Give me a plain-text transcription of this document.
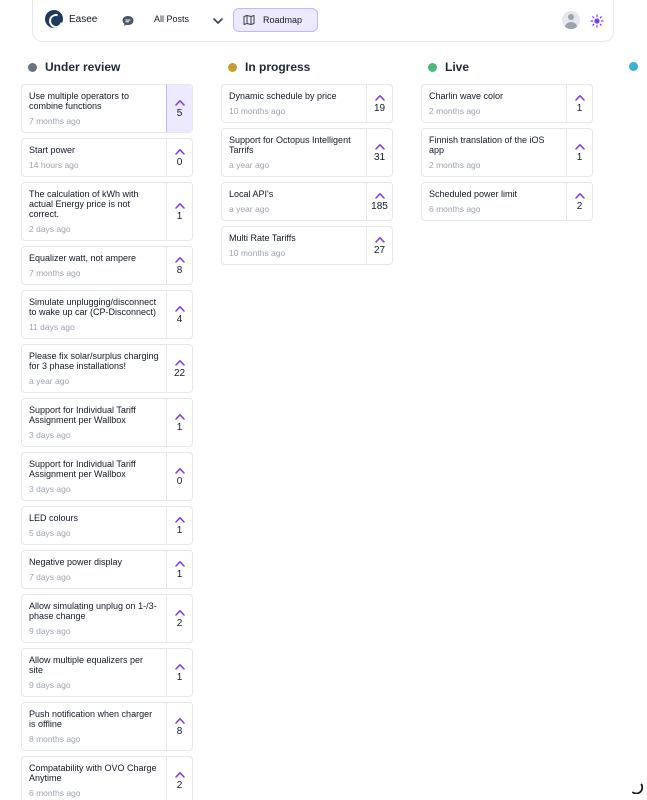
Easee	All Posts	Roadmap
Under review	In progress	Live
Use multiple operators to combine functions
7 months ago
5
Start power
14 hours ago	0
The calculation of kWh with actual Energy price is not correct.
2 days ago
1
Equalizer watt, not ampere
7 months ago	8
Simulate unplugging/disconnect to wake up car (CP-Disconnect)
11 days ago
4
Please fix solar/surplus charging for 3 phase installations!
a year ago
22
Support for Individual Tariff Assignment per Wallbox
3 days ago
1
Support for Individual Tariff Assignment per Wallbox
3 days ago
0
LED colours
5 days ago	1
Negative power display
7 days ago	1
Allow simulating unplug on 1-/3-phase change
9 days ago
2
Allow multiple equalizers per site
9 days ago
1
Push notification when charger is offline
8 months ago
8
Compatability with OVO Charge Anytime
6 months ago
2
Dynamic schedule by price
10 months ago	19
Support for Octopus Intelligent Tarrifs
a year ago
31
Local API's
a year ago	185
Multi Rate Tariffs
10 months ago	27
Charlin wave color
2 months ago	1
Finnish translation of the iOS app
2 months ago
1
Scheduled power limit
6 months ago	2
